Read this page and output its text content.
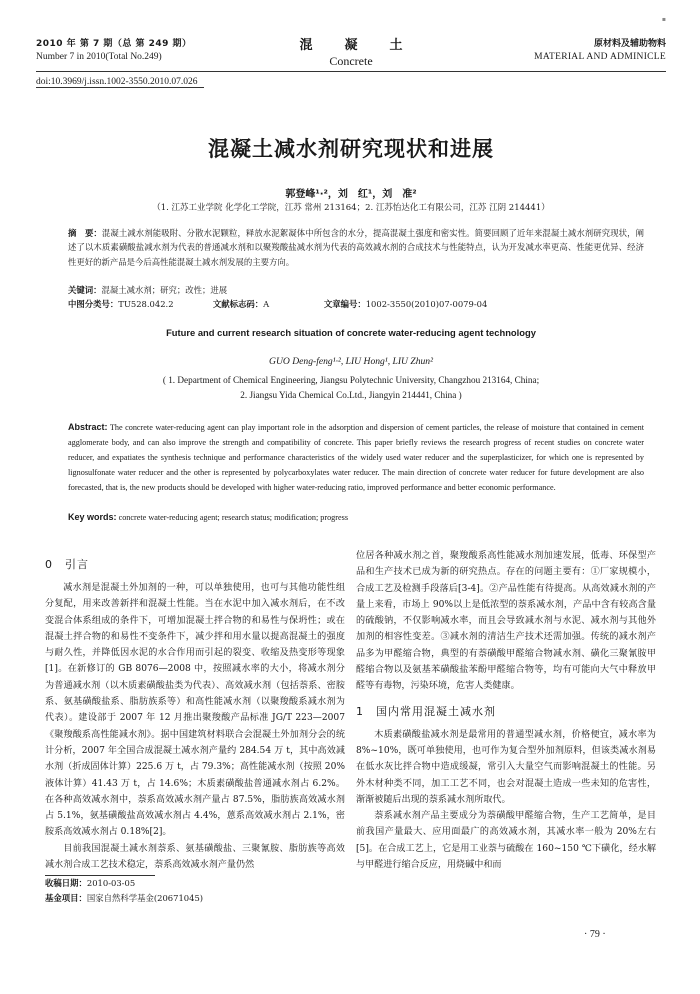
▪
2010 年 第 7 期（总 第 249 期）
Number 7 in 2010(Total No.249)
混凝土
Concrete
原材料及辅助物料
MATERIAL AND ADMINICLE
doi:10.3969/j.issn.1002-3550.2010.07.026
混凝土减水剂研究现状和进展
郭登峰¹·²，刘　红¹，刘　准²
（1. 江苏工业学院 化学化工学院，江苏 常州 213164；2. 江苏怡达化工有限公司，江苏 江阴 214441）
摘　要：混凝土减水剂能吸附、分散水泥颗粒，释放水泥絮凝体中所包含的水分，提高混凝土强度和密实性。简要回顾了近年来混凝土减水剂研究现状，阐述了以木质素磺酸盐减水剂为代表的普通减水剂和以聚羧酸盐减水剂为代表的高效减水剂的合成技术与性能特点，认为开发减水率更高、性能更优异、经济性更好的新产品是今后高性能混凝土减水剂发展的主要方向。
关键词：混凝土减水剂；研究；改性；进展
中图分类号：TU528.042.2	文献标志码：A	文章编号：1002-3550(2010)07-0079-04
Future and current research situation of concrete water-reducing agent technology
GUO Deng-feng¹·², LIU Hong¹, LIU Zhun²
( 1. Department of Chemical Engineering, Jiangsu Polytechnic University, Changzhou 213164, China;
2. Jiangsu Yida Chemical Co.Ltd., Jiangyin 214441, China )
Abstract: The concrete water-reducing agent can play important role in the adsorption and dispersion of cement particles, the release of moisture that contained in cement agglomerate body, and can also improve the strength and compatibility of concrete. This paper briefly reviews the research progress of recent studies on concrete water reducer, and expatiates the synthesis technique and performance characteristics of the widely used water reducer and the superplasticizer, for which one is represented by lignosulfonate water reducer and the other is represented by polycarboxylates water reducer. The main direction of concrete water reducer for future development are also forecasted, that is, the new products should be developed with higher water-reducing ratio, improved performance and better economic performance.
Key words: concrete water-reducing agent; research status; modification; progress
0 引言

减水剂是混凝土外加剂的一种，可以单独使用，也可与其他功能性组分复配，用来改善新拌和混凝土性能。当在水泥中加入减水剂后，在不改变混合体系组成的条件下，可增加混凝土拌合物的和易性与保坍性；或在混凝土拌合物的和易性不变条件下，减少拌和用水量以提高混凝土的强度与耐久性，并降低因水泥的水合作用而引起的裂变、收缩及热变形等现象[1]。在新修订的 GB 8076—2008 中，按照减水率的大小，将减水剂分为普通减水剂（以木质素磺酸盐类为代表）、高效减水剂（包括萘系、密胺系、氨基磺酸盐系、脂肪族系等）和高性能减水剂（以聚羧酸系减水剂为代表）。建设部于 2007 年 12 月推出聚羧酸产品标准 JG/T 223—2007《聚羧酸系高性能减水剂》。据中国建筑材料联合会混凝土外加剂分会的统计分析，2007 年全国合成混凝土减水剂产量约 284.54 万 t，其中高效减水剂（折成固体计算）225.6 万 t，占 79.3%；高性能减水剂（按照 20%液体计算）41.43 万 t，占 14.6%；木质素磺酸盐普通减水剂占 6.2%。在各种高效减水剂中，萘系高效减水剂产量占 87.5%，脂肪族高效减水剂占 5.1%，氨基磺酸盐高效减水剂占 4.4%，蒽系高效减水剂占 2.1%，密胺系高效减水剂占 0.18%[2]。

目前我国混凝土减水剂萘系、氨基磺酸盐、三聚氰胺、脂肪族等高效减水剂合成工艺技术稳定，萘系高效减水剂产量仍然

收稿日期：2010-03-05

基金项目：国家自然科学基金(20671045)

位居各种减水剂之首，聚羧酸系高性能减水剂加速发展，低毒、环保型产品和生产技术已成为新的研究热点。存在的问题主要有：①厂家规模小，合成工艺及检测手段落后[3-4]。②产品性能有待提高。从高效减水剂的产量上来看，市场上 90%以上是低浓型的萘系减水剂，产品中含有较高含量的硫酸钠，不仅影响减水率，而且会导致减水剂与水泥、减水剂与其他外加剂的相容性变差。③减水剂的清洁生产技术还需加强。传统的减水剂产品多为甲醛缩合物，典型的有萘磺酸甲醛缩合物减水剂、磺化三聚氰胺甲醛缩合物以及氨基苯磺酸盐苯酚甲醛缩合物等，均有可能向大气中释放甲醛等有毒物，污染环境，危害人类健康。

1 国内常用混凝土减水剂

木质素磺酸盐减水剂是最常用的普通型减水剂，价格便宜，减水率为 8%~10%，既可单独使用，也可作为复合型外加剂原料，但该类减水剂易在低水灰比拌合物中造成缓凝，常引入大量空气而影响混凝土的性能。另外木材种类不同，加工工艺不同，也会对混凝土造成一些未知的危害性，渐渐被随后出现的萘系减水剂所取代。

萘系减水剂产品主要成分为萘磺酸甲醛缩合物，生产工艺简单，是目前我国产量最大、应用面最广的高效减水剂，其减水率一般为 20%左右[5]。在合成工艺上，它是用工业萘与硫酸在 160~150 ℃下磺化，经水解与甲醛进行缩合反应，用烧碱中和而

· 79 ·
